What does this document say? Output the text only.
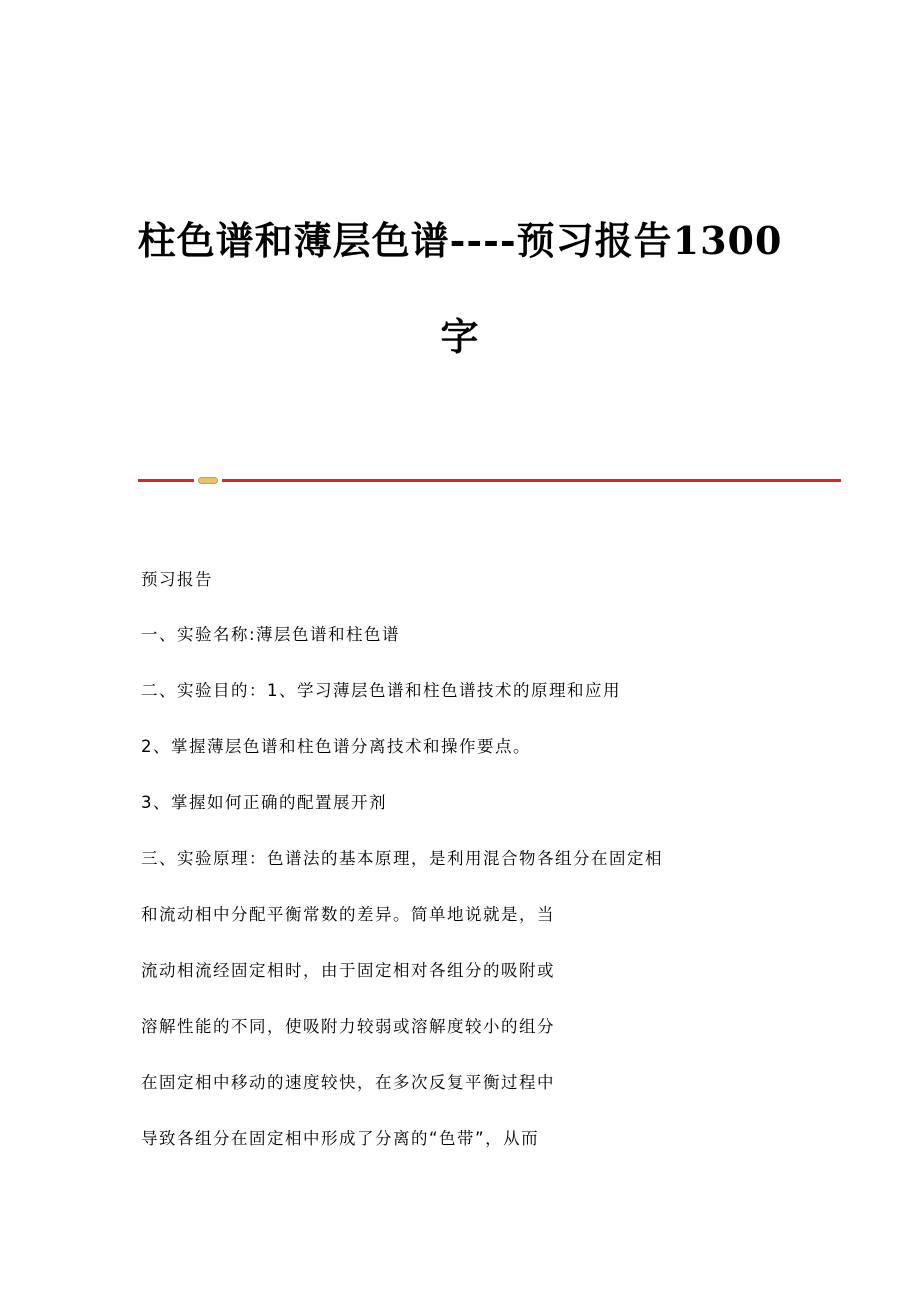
柱色谱和薄层色谱----预习报告1300
字
预习报告
一、实验名称:薄层色谱和柱色谱
二、实验目的：1、学习薄层色谱和柱色谱技术的原理和应用
2、掌握薄层色谱和柱色谱分离技术和操作要点。
3、掌握如何正确的配置展开剂
三、实验原理：色谱法的基本原理，是利用混合物各组分在固定相
和流动相中分配平衡常数的差异。简单地说就是，当
流动相流经固定相时，由于固定相对各组分的吸附或
溶解性能的不同，使吸附力较弱或溶解度较小的组分
在固定相中移动的速度较快，在多次反复平衡过程中
导致各组分在固定相中形成了分离的“色带”，从而
